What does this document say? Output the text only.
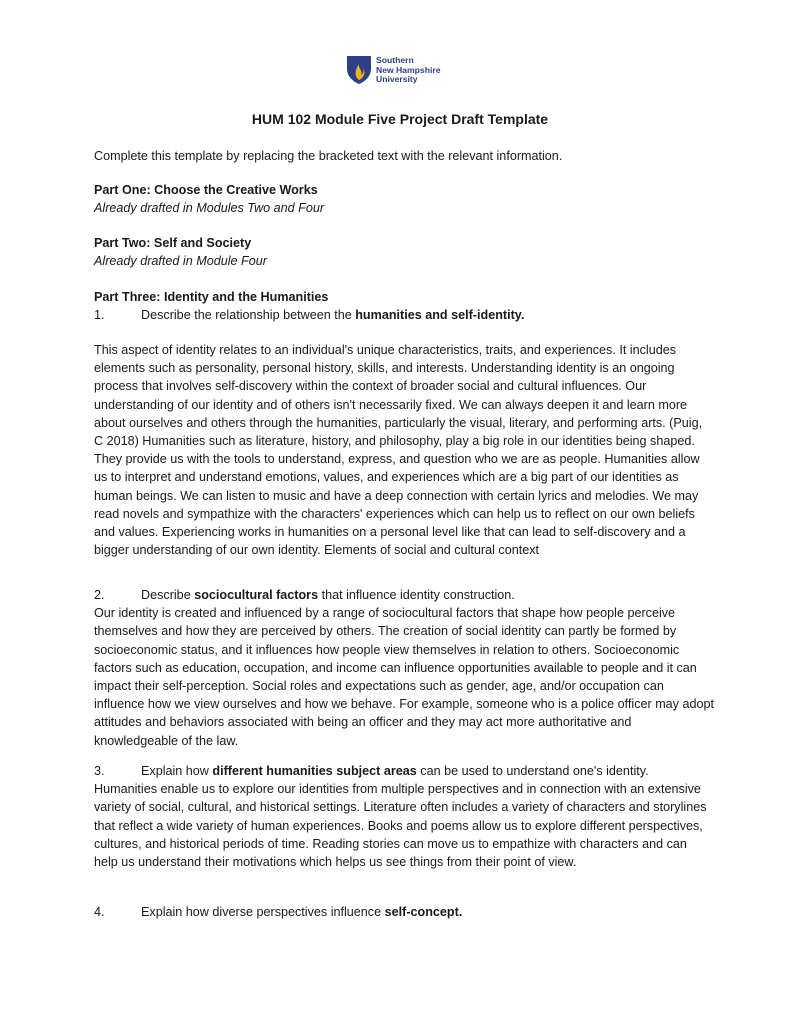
Southern
New Hampshire
University
HUM 102 Module Five Project Draft Template

Complete this template by replacing the bracketed text with the relevant information.

Part One: Choose the Creative Works

Already drafted in Modules Two and Four

Part Two: Self and Society

Already drafted in Module Four

Part Three: Identity and the Humanities

1.	Describe the relationship between the humanities and self-identity.

This aspect of identity relates to an individual's unique characteristics, traits, and experiences. It includes elements such as personality, personal history, skills, and interests. Understanding identity is an ongoing process that involves self-discovery within the context of broader social and cultural influences. Our understanding of our identity and of others isn't necessarily fixed. We can always deepen it and learn more about ourselves and others through the humanities, particularly the visual, literary, and performing arts. (Puig, C 2018) Humanities such as literature, history, and philosophy, play a big role in our identities being shaped. They provide us with the tools to understand, express, and question who we are as people. Humanities allow us to interpret and understand emotions, values, and experiences which are a big part of our identities as human beings. We can listen to music and have a deep connection with certain lyrics and melodies. We may read novels and sympathize with the characters' experiences which can help us to reflect on our own beliefs and values. Experiencing works in humanities on a personal level like that can lead to self-discovery and a bigger understanding of our own identity. Elements of social and cultural context

2.	Describe sociocultural factors that influence identity construction.

Our identity is created and influenced by a range of sociocultural factors that shape how people perceive themselves and how they are perceived by others. The creation of social identity can partly be formed by socioeconomic status, and it influences how people view themselves in relation to others. Socioeconomic factors such as education, occupation, and income can influence opportunities available to people and it can impact their self-perception. Social roles and expectations such as gender, age, and/or occupation can influence how we view ourselves and how we behave. For example, someone who is a police officer may adopt attitudes and behaviors associated with being an officer and they may act more authoritative and knowledgeable of the law.

3.	Explain how different humanities subject areas can be used to understand one's identity.

Humanities enable us to explore our identities from multiple perspectives and in connection with an extensive variety of social, cultural, and historical settings. Literature often includes a variety of characters and storylines that reflect a wide variety of human experiences. Books and poems allow us to explore different perspectives, cultures, and historical periods of time. Reading stories can move us to empathize with characters and can help us understand their motivations which helps us see things from their point of view.

4.	Explain how diverse perspectives influence self-concept.
